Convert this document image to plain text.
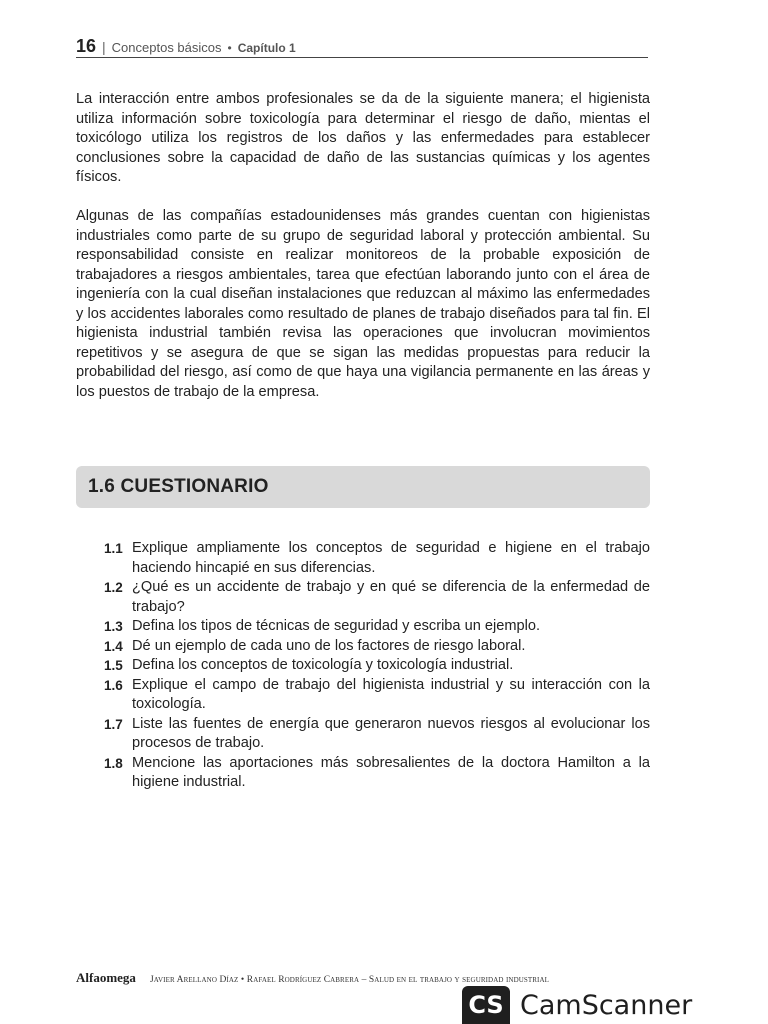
16 | Conceptos básicos • Capítulo 1

La interacción entre ambos profesionales se da de la siguiente manera; el higienista utiliza información sobre toxicología para determinar el riesgo de daño, mientas el toxicólogo utiliza los registros de los daños y las enfermedades para establecer conclusiones sobre la capacidad de daño de las sustancias químicas y los agentes físicos.

Algunas de las compañías estadounidenses más grandes cuentan con higienistas industriales como parte de su grupo de seguridad laboral y protección ambiental. Su responsabilidad consiste en realizar monitoreos de la probable exposición de trabajadores a riesgos ambientales, tarea que efectúan laborando junto con el área de ingeniería con la cual diseñan instalaciones que reduzcan al máximo las enfermedades y los accidentes laborales como resultado de planes de trabajo diseñados para tal fin. El higienista industrial también revisa las operaciones que involucran movimientos repetitivos y se asegura de que se sigan las medidas propuestas para reducir la probabilidad del riesgo, así como de que haya una vigilancia permanente en las áreas y los puestos de trabajo de la empresa.

1.6 CUESTIONARIO
1.1 Explique ampliamente los conceptos de seguridad e higiene en el trabajo haciendo hincapié en sus diferencias.
1.2 ¿Qué es un accidente de trabajo y en qué se diferencia de la enfermedad de trabajo?
1.3 Defina los tipos de técnicas de seguridad y escriba un ejemplo.
1.4 Dé un ejemplo de cada uno de los factores de riesgo laboral.
1.5 Defina los conceptos de toxicología y toxicología industrial.
1.6 Explique el campo de trabajo del higienista industrial y su interacción con la toxicología.
1.7 Liste las fuentes de energía que generaron nuevos riesgos al evolucionar los procesos de trabajo.
1.8 Mencione las aportaciones más sobresalientes de la doctora Hamilton a la higiene industrial.
Alfaomega Javier Arellano Díaz • Rafael Rodríguez Cabrera – Salud en el trabajo y seguridad industrial
CS CamScanner
